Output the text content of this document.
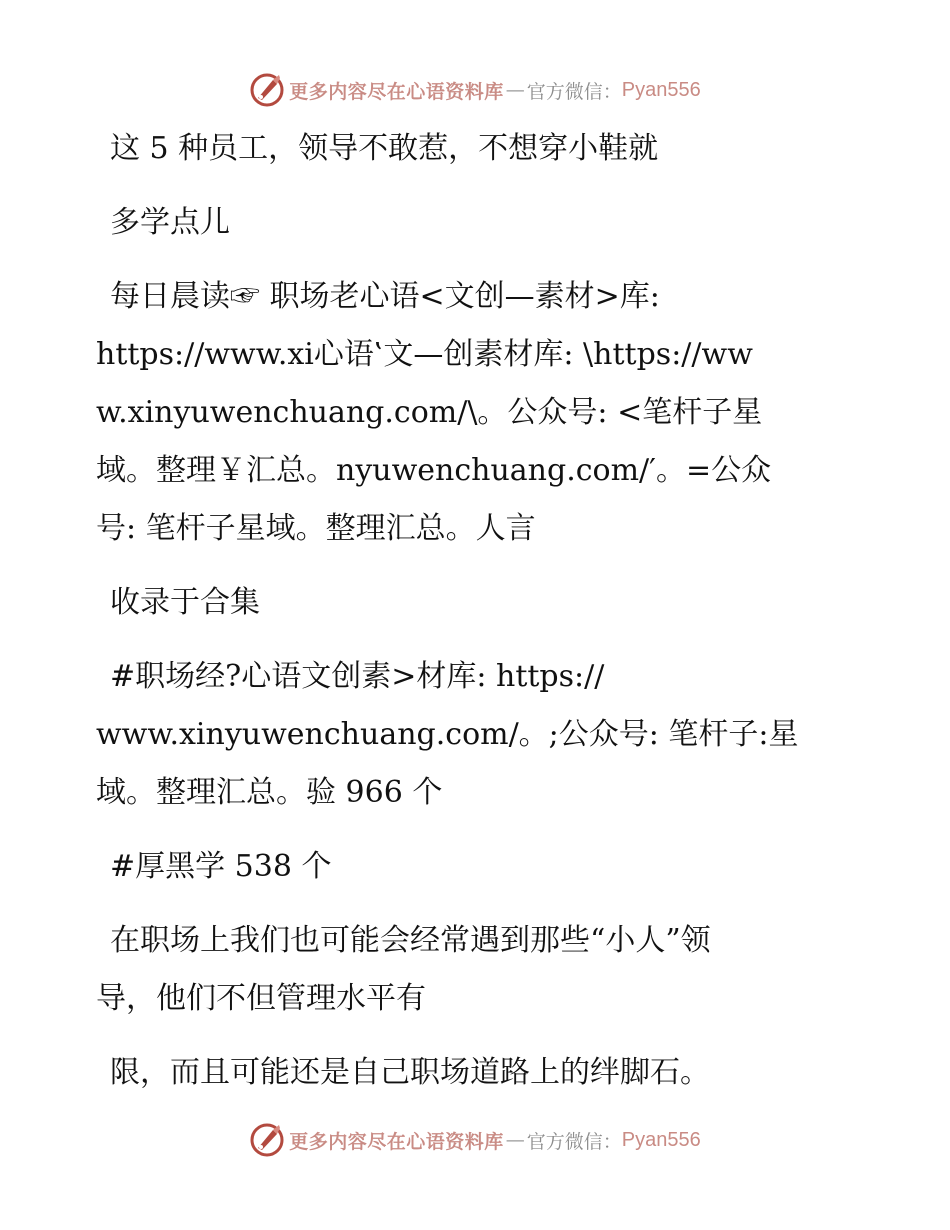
更多内容尽在心语资料库 — 官方微信： Pyan556
这 5 种员工，领导不敢惹，不想穿小鞋就
多学点儿
每日晨读☞ 职场老心语<文创—素材>库:
https://www.xi心语‛文—创素材库: \https://ww
w.xinyuwenchuang.com/\。公众号: <笔杆子星
域。整理￥汇总。nyuwenchuang.com/′。=公众
号: 笔杆子星域。整理汇总。人言
收录于合集
#职场经?心语文创素>材库: https://
www.xinyuwenchuang.com/。;公众号: 笔杆子:星
域。整理汇总。验 966 个
#厚黑学 538 个
在职场上我们也可能会经常遇到那些“小人”领
导，他们不但管理水平有
限，而且可能还是自己职场道路上的绊脚石。
更多内容尽在心语资料库 — 官方微信： Pyan556
